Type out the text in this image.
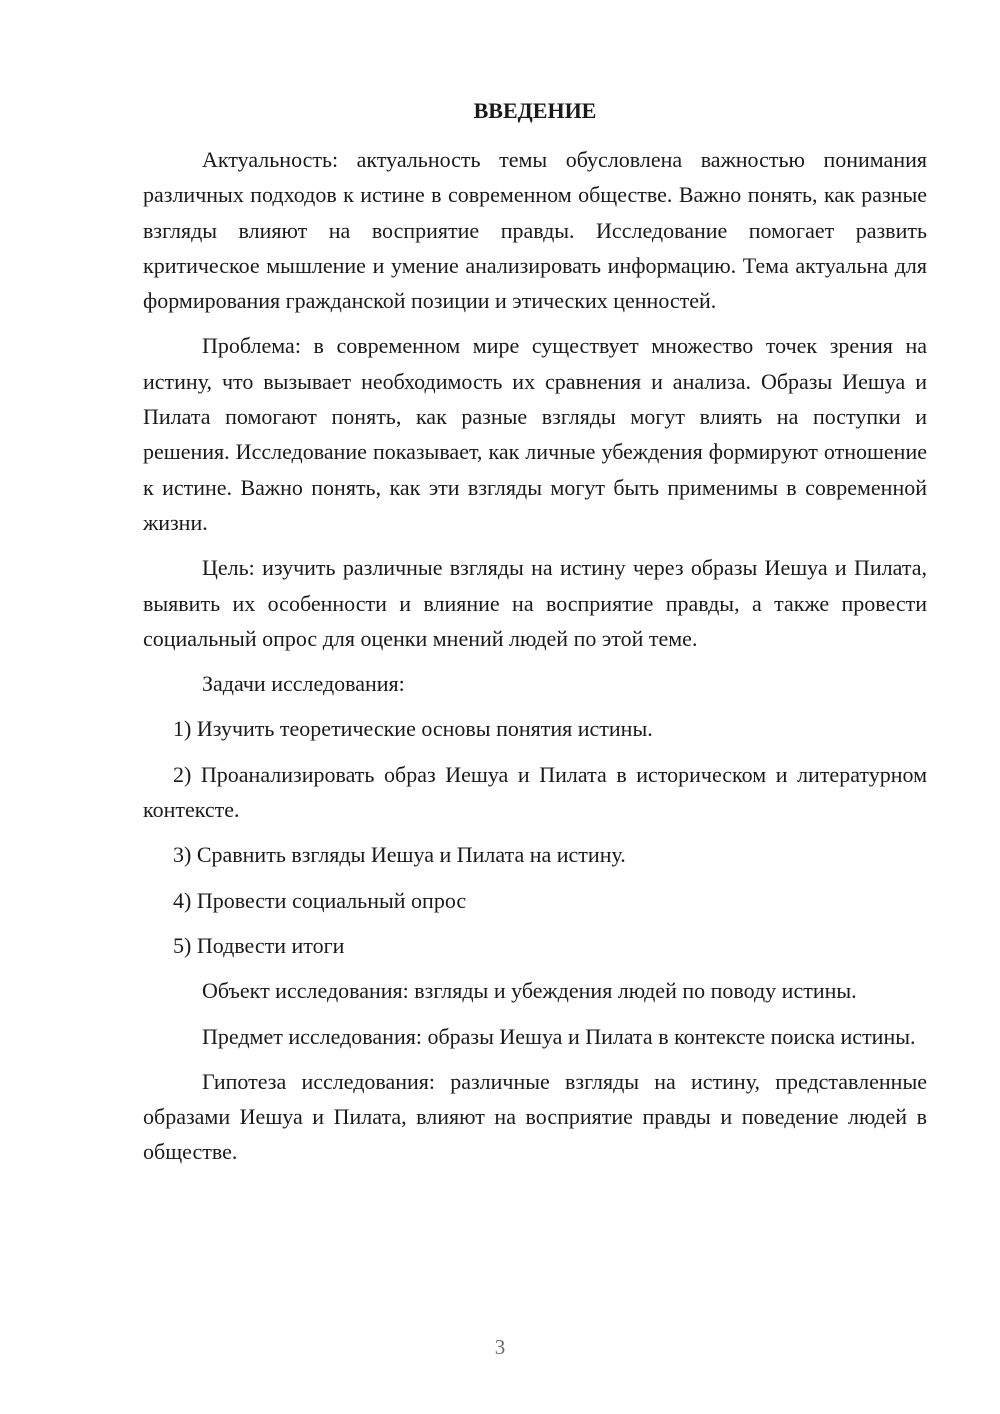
ВВЕДЕНИЕ

Актуальность: актуальность темы обусловлена важностью понимания различных подходов к истине в современном обществе. Важно понять, как разные взгляды влияют на восприятие правды. Исследование помогает развить критическое мышление и умение анализировать информацию. Тема актуальна для формирования гражданской позиции и этических ценностей.

Проблема: в современном мире существует множество точек зрения на истину, что вызывает необходимость их сравнения и анализа. Образы Иешуа и Пилата помогают понять, как разные взгляды могут влиять на поступки и решения. Исследование показывает, как личные убеждения формируют отношение к истине. Важно понять, как эти взгляды могут быть применимы в современной жизни.

Цель: изучить различные взгляды на истину через образы Иешуа и Пилата, выявить их особенности и влияние на восприятие правды, а также провести социальный опрос для оценки мнений людей по этой теме.

Задачи исследования:

1) Изучить теоретические основы понятия истины.

2) Проанализировать образ Иешуа и Пилата в историческом и литературном контексте.

3) Сравнить взгляды Иешуа и Пилата на истину.

4) Провести социальный опрос

5) Подвести итоги

Объект исследования: взгляды и убеждения людей по поводу истины.

Предмет исследования: образы Иешуа и Пилата в контексте поиска истины.

Гипотеза исследования: различные взгляды на истину, представленные образами Иешуа и Пилата, влияют на восприятие правды и поведение людей в обществе.

3
